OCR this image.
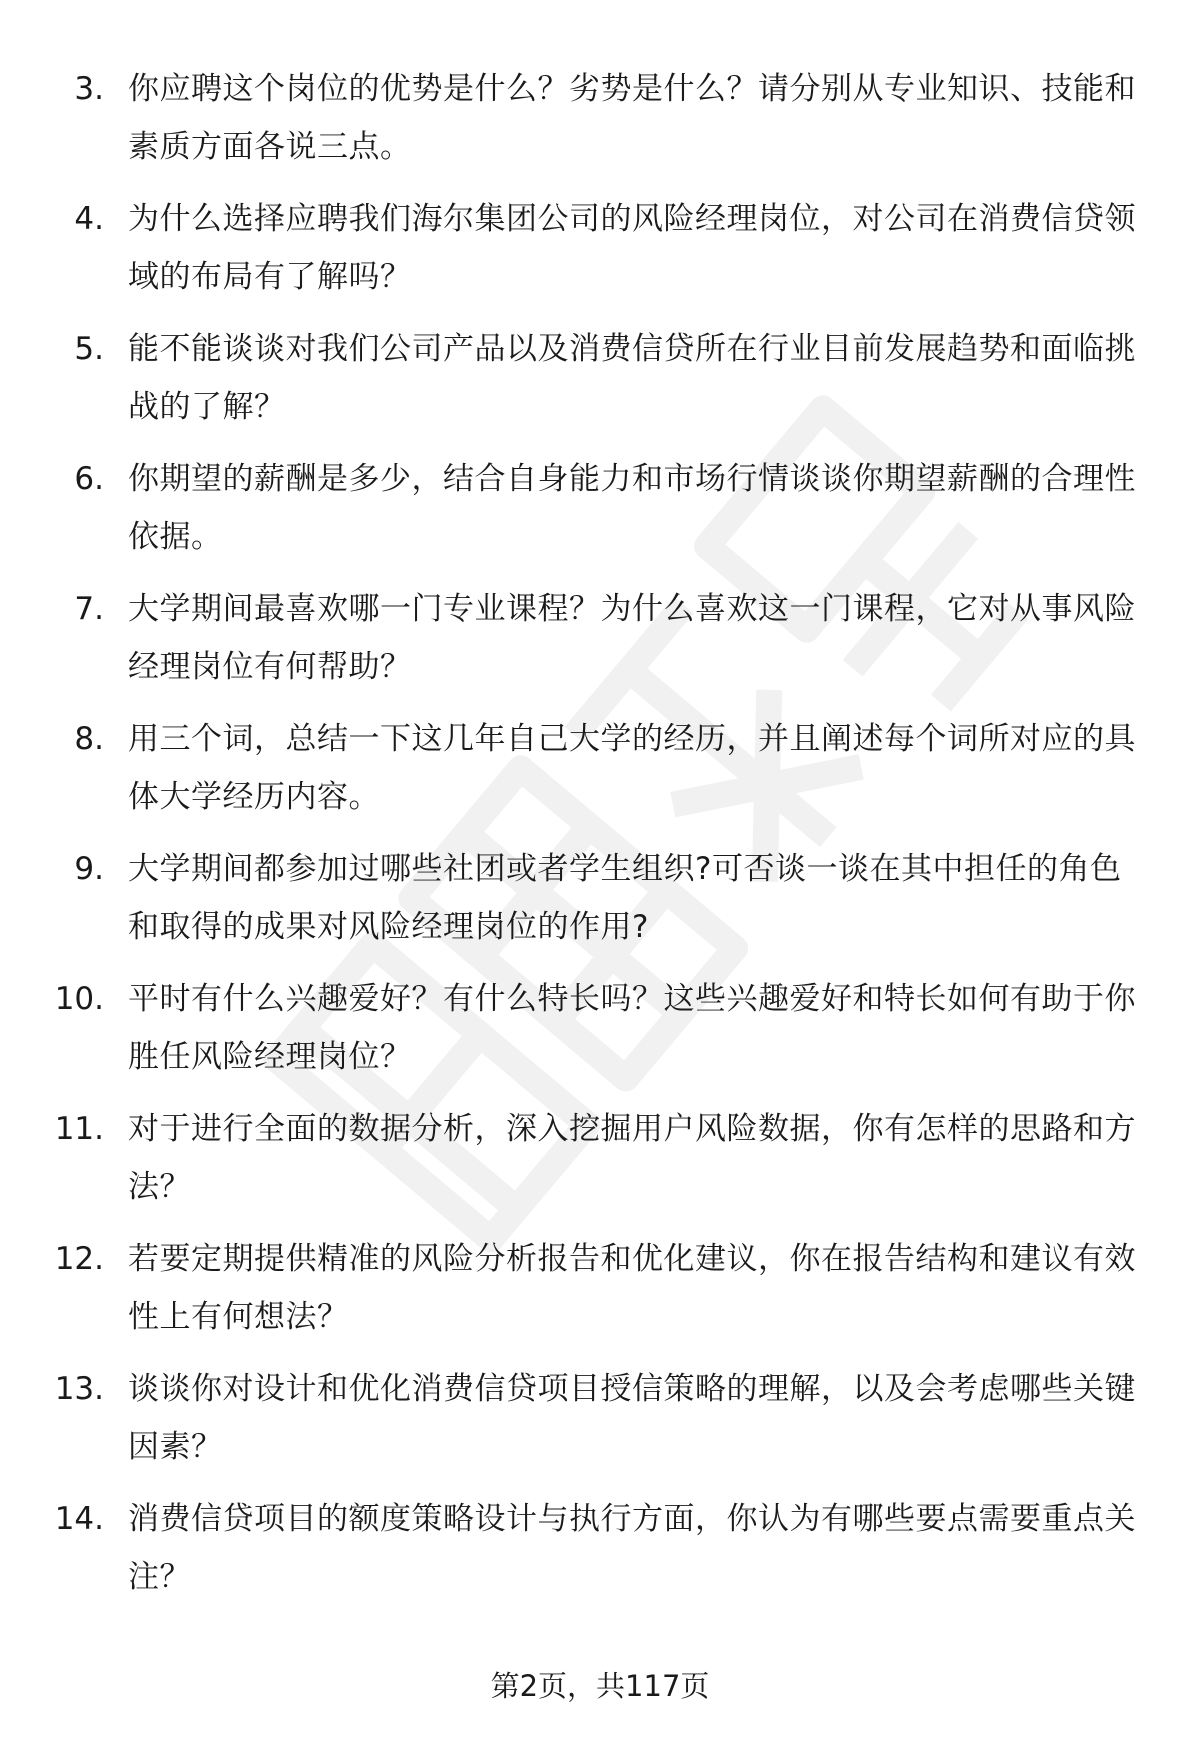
3. 你应聘这个岗位的优势是什么？劣势是什么？请分别从专业知识、技能和素质方面各说三点。
4. 为什么选择应聘我们海尔集团公司的风险经理岗位，对公司在消费信贷领域的布局有了解吗？
5. 能不能谈谈对我们公司产品以及消费信贷所在行业目前发展趋势和面临挑战的了解？
6. 你期望的薪酬是多少，结合自身能力和市场行情谈谈你期望薪酬的合理性依据。
7. 大学期间最喜欢哪一门专业课程？为什么喜欢这一门课程，它对从事风险经理岗位有何帮助？
8. 用三个词，总结一下这几年自己大学的经历，并且阐述每个词所对应的具体大学经历内容。
9. 大学期间都参加过哪些社团或者学生组织?可否谈一谈在其中担任的角色和取得的成果对风险经理岗位的作用?
10. 平时有什么兴趣爱好？有什么特长吗？这些兴趣爱好和特长如何有助于你胜任风险经理岗位？
11. 对于进行全面的数据分析，深入挖掘用户风险数据，你有怎样的思路和方法？
12. 若要定期提供精准的风险分析报告和优化建议，你在报告结构和建议有效性上有何想法？
13. 谈谈你对设计和优化消费信贷项目授信策略的理解，以及会考虑哪些关键因素？
14. 消费信贷项目的额度策略设计与执行方面，你认为有哪些要点需要重点关注？
第2页，共117页
